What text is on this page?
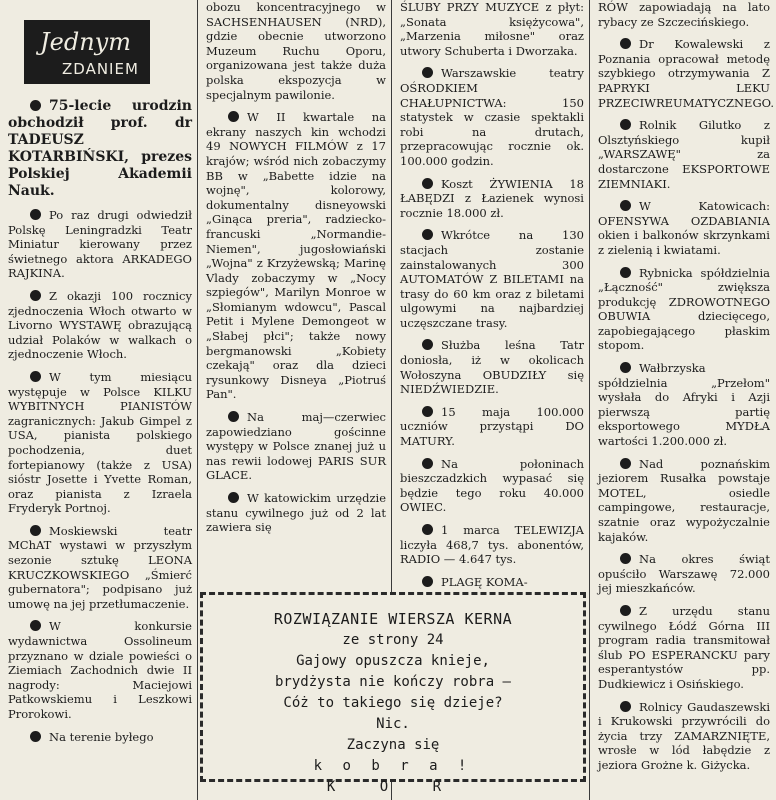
Jednym
ZDANIEM

75-lecie urodzin obchodził prof. dr TADEUSZ KOTARBIŃSKI, prezes Polskiej Akademii Nauk.

Po raz drugi odwiedził Polskę Leningradzki Teatr Miniatur kierowany przez świetnego aktora ARKADEGO RAJKINA.

Z okazji 100 rocznicy zjednoczenia Włoch otwarto w Livorno WYSTAWĘ obrazującą udział Polaków w walkach o zjednoczenie Włoch.

W tym miesiącu występuje w Polsce KILKU WYBITNYCH PIANISTÓW zagranicznych: Jakub Gimpel z USA, pianista polskiego pochodzenia, duet fortepianowy (także z USA) sióstr Josette i Yvette Roman, oraz pianista z Izraela Fryderyk Portnoj.

Moskiewski teatr MChAT wystawi w przyszłym sezonie sztukę LEONA KRUCZKOWSKIEGO „Śmierć gubernatora"; podpisano już umowę na jej przetłumaczenie.

W konkursie wydawnictwa Ossolineum przyznano w dziale powieści o Ziemiach Zachodnich dwie II nagrody: Maciejowi Patkowskiemu i Leszkowi Prorokowi.

Na terenie byłego

obozu koncentracyjnego w SACHSENHAUSEN (NRD), gdzie obecnie utworzono Muzeum Ruchu Oporu, organizowana jest także duża polska ekspozycja w specjalnym pawilonie.

W II kwartale na ekrany naszych kin wchodzi 49 NOWYCH FILMÓW z 17 krajów; wśród nich zobaczymy BB w „Babette idzie na wojnę", kolorowy, dokumentalny disneyowski „Ginąca preria", radziecko-francuski „Normandie-Niemen", jugosłowiański „Wojna" z Krzyżewską; Marinę Vlady zobaczymy w „Nocy szpiegów", Marilyn Monroe w „Słomianym wdowcu", Pascal Petit i Mylene Demongeot w „Słabej płci"; także nowy bergmanowski „Kobiety czekają" oraz dla dzieci rysunkowy Disneya „Piotruś Pan".

Na maj—czerwiec zapowiedziano gościnne występy w Polsce znanej już u nas rewii lodowej PARIS SUR GLACE.

W katowickim urzędzie stanu cywilnego już od 2 lat zawiera się

ŚLUBY PRZY MUZYCE z płyt: „Sonata księżycowa", „Marzenia miłosne" oraz utwory Schuberta i Dworzaka.

Warszawskie teatry OŚRODKIEM CHAŁUPNICTWA: 150 statystek w czasie spektakli robi na drutach, przepracowując rocznie ok. 100.000 godzin.

Koszt ŻYWIENIA 18 ŁABĘDZI z Łazienek wynosi rocznie 18.000 zł.

Wkrótce na 130 stacjach zostanie zainstalowanych 300 AUTOMATÓW Z BILETAMI na trasy do 60 km oraz z biletami ulgowymi na najbardziej uczęszczane trasy.

Służba leśna Tatr doniosła, iż w okolicach Wołoszyna OBUDZIŁY się NIEDŹWIEDZIE.

15 maja 100.000 uczniów przystąpi DO MATURY.

Na połoninach bieszczadzkich wypasać się będzie tego roku 40.000 OWIEC.

1 marca TELEWIZJA liczyła 468,7 tys. abonentów, RADIO — 4.647 tys.

PLAGĘ KOMA-

RÓW zapowiadają na lato rybacy ze Szczecińskiego.

Dr Kowalewski z Poznania opracował metodę szybkiego otrzymywania Z PAPRYKI LEKU PRZECIWREUMATYCZNEGO.

Rolnik Gilutko z Olsztyńskiego kupił „WARSZAWĘ" za dostarczone EKSPORTOWE ZIEMNIAKI.

W Katowicach: OFENSYWA OZDABIANIA okien i balkonów skrzynkami z zielenią i kwiatami.

Rybnicka spółdzielnia „Łączność" zwiększa produkcję ZDROWOTNEGO OBUWIA dziecięcego, zapobiegającego płaskim stopom.

Wałbrzyska spółdzielnia „Przełom" wysłała do Afryki i Azji pierwszą partię eksportowego MYDŁA wartości 1.200.000 zł.

Nad poznańskim jeziorem Rusałka powstaje MOTEL, osiedle campingowe, restauracje, szatnie oraz wypożyczalnie kajaków.

Na okres świąt opuściło Warszawę 72.000 jej mieszkańców.

Z urzędu stanu cywilnego Łódź Górna III program radia transmitował ślub PO ESPERANCKU pary esperantystów pp. Dudkiewicz i Osińskiego.

Rolnicy Gaudaszewski i Krukowski przywrócili do życia trzy ZAMARZNIĘTE, wrosłe w lód łabędzie z jeziora Grożne k. Giżycka.

ROZWIĄZANIE WIERSZA KERNA
ze strony 24
Gajowy opuszcza knieje,
brydżysta nie kończy robra —
Cóż to takiego się dzieje?
Nic.
Zaczyna się
k o b r a !
K O R
